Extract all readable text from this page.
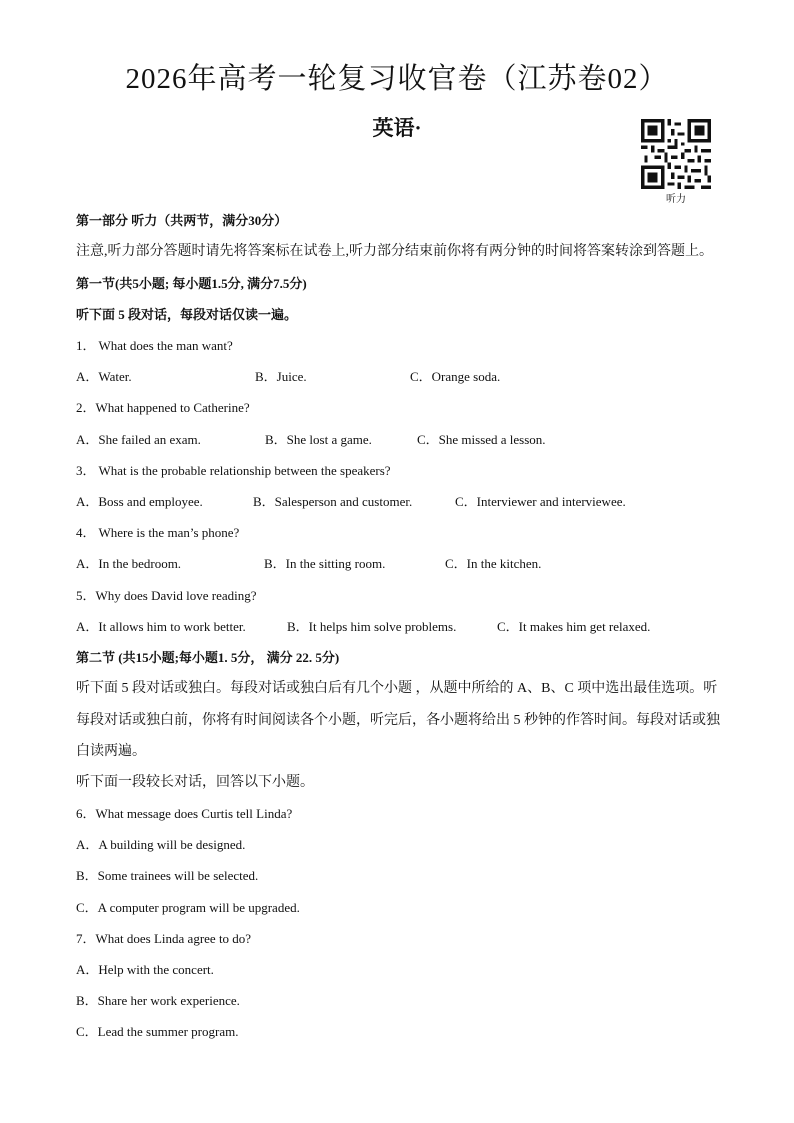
2026年高考一轮复习收官卷（江苏卷02）
英语·
听力
第一部分 听力（共两节，满分30分）
注意,听力部分答题时请先将答案标在试卷上,听力部分结束前你将有两分钟的时间将答案转涂到答题上。
第一节(共5小题; 每小题1.5分, 满分7.5分)
听下面 5 段对话，每段对话仅读一遍。
1． What does the man want?
A．Water.	B．Juice.	C．Orange soda.
2．What happened to Catherine?
A．She failed an exam.	B．She lost a game.	C．She missed a lesson.
3． What is the probable relationship between the speakers?
A．Boss and employee.	B．Salesperson and customer.	C．Interviewer and interviewee.
4． Where is the man’s phone?
A．In the bedroom.	B．In the sitting room.	C．In the kitchen.
5．Why does David love reading?
A．It allows him to work better.	B．It helps him solve problems.	C．It makes him get relaxed.
第二节 (共15小题;每小题1. 5分， 满分 22. 5分)
听下面 5 段对话或独白。每段对话或独白后有几个小题 ，从题中所给的 A、B、C 项中选出最佳选项。听
每段对话或独白前，你将有时间阅读各个小题，听完后，各小题将给出 5 秒钟的作答时间。每段对话或独
白读两遍。
听下面一段较长对话，回答以下小题。
6．What message does Curtis tell Linda?
A．A building will be designed.
B．Some trainees will be selected.
C．A computer program will be upgraded.
7．What does Linda agree to do?
A．Help with the concert.
B．Share her work experience.
C．Lead the summer program.
